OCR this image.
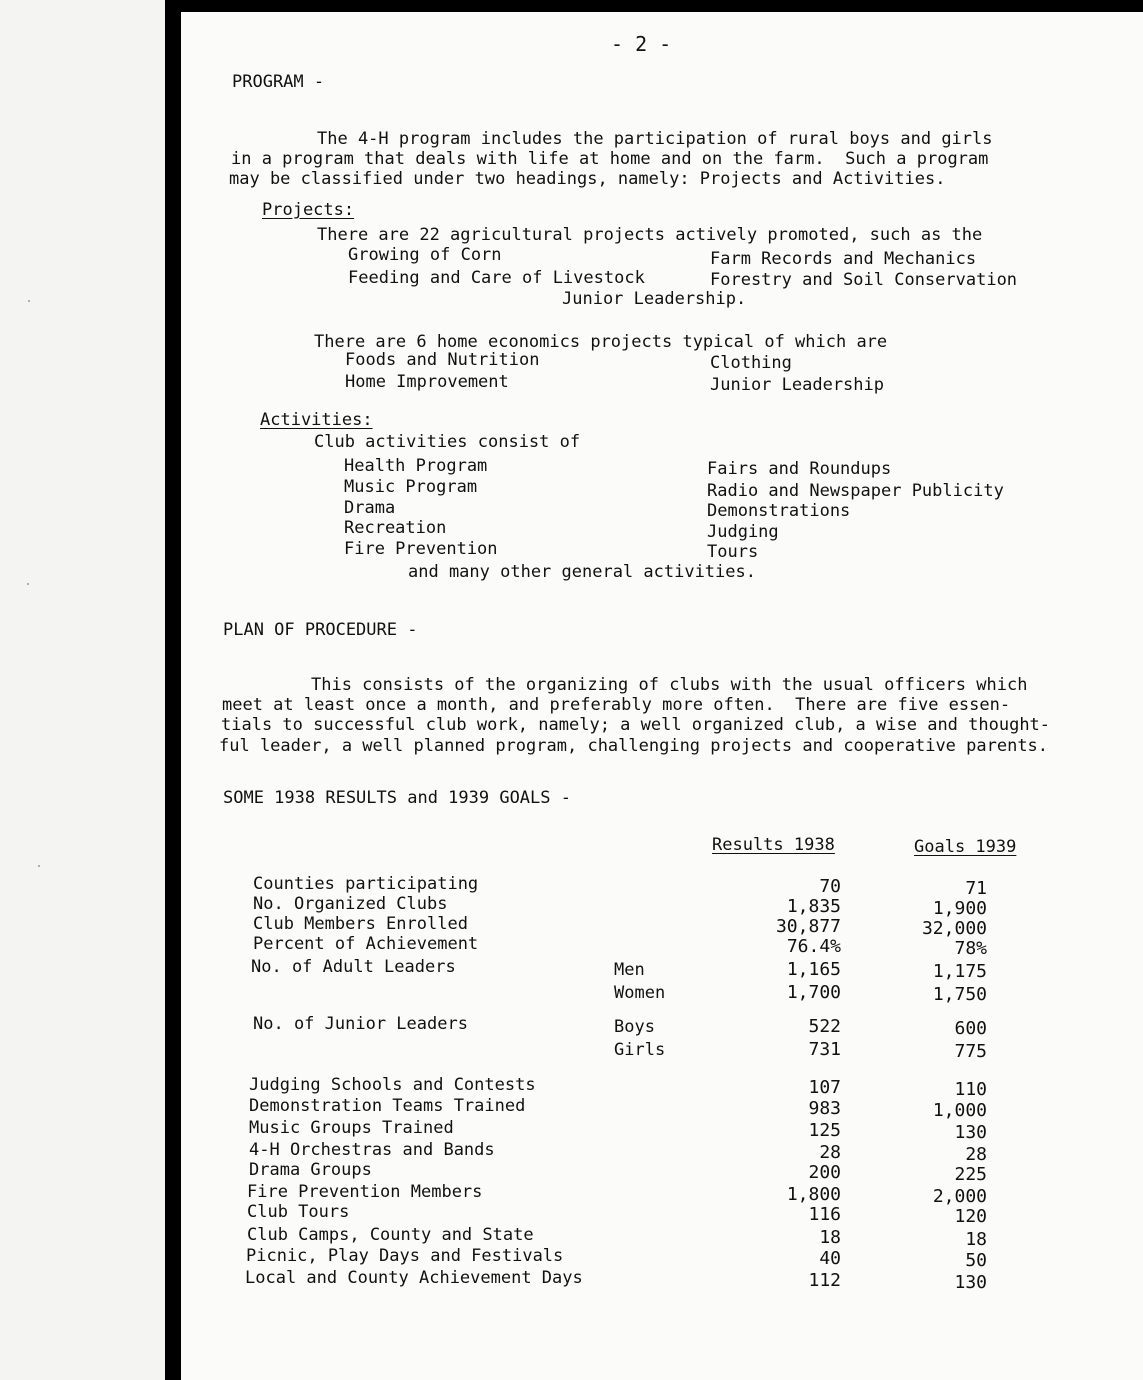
- 2 -
PROGRAM -
The 4-H program includes the participation of rural boys and girls
in a program that deals with life at home and on the farm.  Such a program
may be classified under two headings, namely: Projects and Activities.
Projects:
There are 22 agricultural projects actively promoted, such as the
Growing of Corn	Farm Records and Mechanics
Feeding and Care of Livestock	Forestry and Soil Conservation
Junior Leadership.
There are 6 home economics projects typical of which are
Foods and Nutrition	Clothing
Home Improvement	Junior Leadership
Activities:
Club activities consist of
Health Program	Fairs and Roundups
Music Program	Radio and Newspaper Publicity
Drama	Demonstrations
Recreation	Judging
Fire Prevention	Tours
and many other general activities.
PLAN OF PROCEDURE -
This consists of the organizing of clubs with the usual officers which
meet at least once a month, and preferably more often.  There are five essen-
tials to successful club work, namely; a well organized club, a wise and thought-
ful leader, a well planned program, challenging projects and cooperative parents.
SOME 1938 RESULTS and 1939 GOALS -
Results 1938	Goals 1939
Counties participating	70	71
No. Organized Clubs	1,835	1,900
Club Members Enrolled	30,877	32,000
Percent of Achievement	76.4%	78%
No. of Adult Leaders	Men	1,165	1,175
Women	1,700	1,750
No. of Junior Leaders	Boys	522	600
Girls	731	775
Judging Schools and Contests	107	110
Demonstration Teams Trained	983	1,000
Music Groups Trained	125	130
4-H Orchestras and Bands	28	28
Drama Groups	200	225
Fire Prevention Members	1,800	2,000
Club Tours	116	120
Club Camps, County and State	18	18
Picnic, Play Days and Festivals	40	50
Local and County Achievement Days	112	130
